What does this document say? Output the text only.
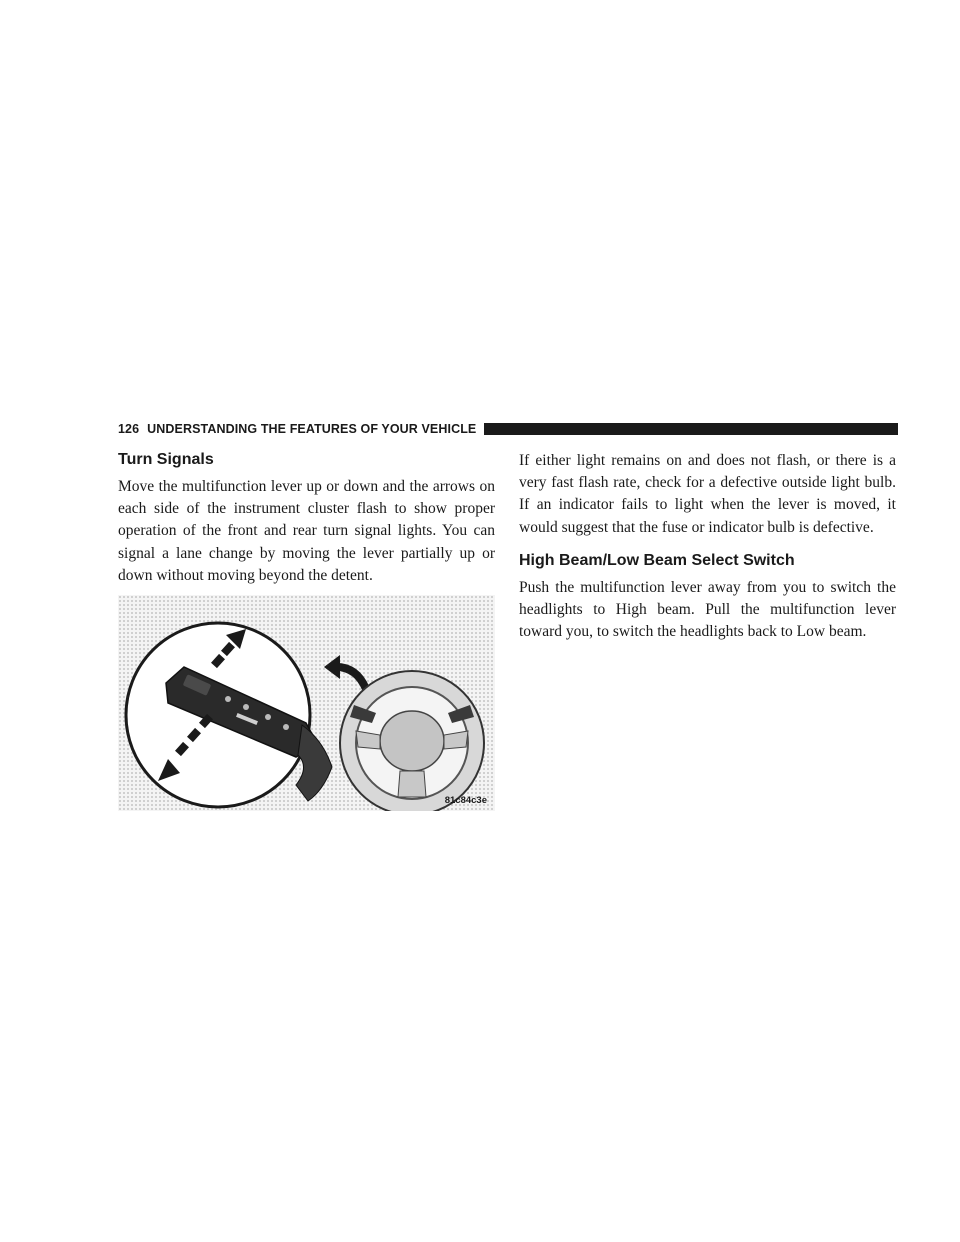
126 UNDERSTANDING THE FEATURES OF YOUR VEHICLE
Turn Signals

Move the multifunction lever up or down and the arrows on each side of the instrument cluster flash to show proper operation of the front and rear turn signal lights. You can signal a lane change by moving the lever partially up or down without moving beyond the detent.

81c84c3e

If either light remains on and does not flash, or there is a very fast flash rate, check for a defective outside light bulb. If an indicator fails to light when the lever is moved, it would suggest that the fuse or indicator bulb is defective.

High Beam/Low Beam Select Switch

Push the multifunction lever away from you to switch the headlights to High beam. Pull the multifunction lever toward you, to switch the headlights back to Low beam.
